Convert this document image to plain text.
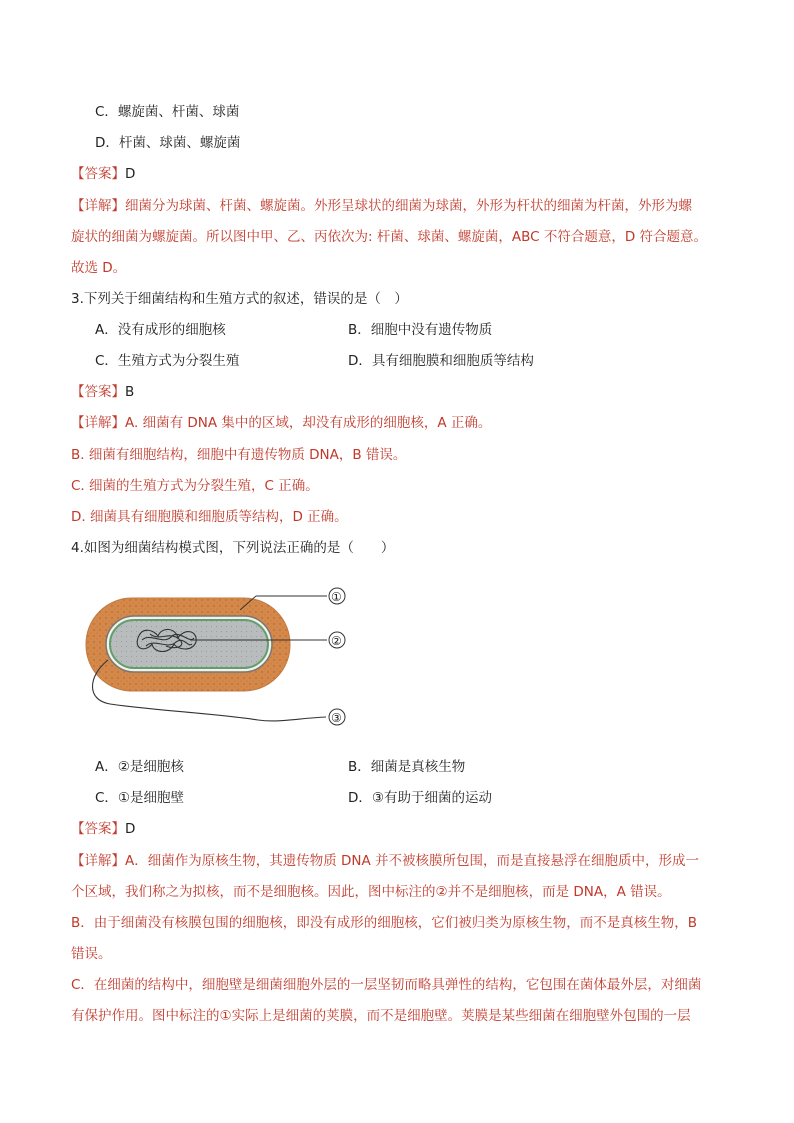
C．螺旋菌、杆菌、球菌
D．杆菌、球菌、螺旋菌
【答案】D
【详解】细菌分为球菌、杆菌、螺旋菌。外形呈球状的细菌为球菌，外形为杆状的细菌为杆菌，外形为螺
旋状的细菌为螺旋菌。所以图中甲、乙、丙依次为: 杆菌、球菌、螺旋菌，ABC 不符合题意，D 符合题意。
故选 D。
3.下列关于细菌结构和生殖方式的叙述，错误的是（　）
A．没有成形的细胞核	B．细胞中没有遗传物质
C．生殖方式为分裂生殖	D．具有细胞膜和细胞质等结构
【答案】B
【详解】A. 细菌有 DNA 集中的区域，却没有成形的细胞核，A 正确。
B. 细菌有细胞结构，细胞中有遗传物质 DNA，B 错误。
C. 细菌的生殖方式为分裂生殖，C 正确。
D. 细菌具有细胞膜和细胞质等结构，D 正确。
4.如图为细菌结构模式图，下列说法正确的是（　　）
①
②
③
A．②是细胞核	B．细菌是真核生物
C．①是细胞壁	D．③有助于细菌的运动
【答案】D
【详解】A．细菌作为原核生物，其遗传物质 DNA 并不被核膜所包围，而是直接悬浮在细胞质中，形成一
个区域，我们称之为拟核，而不是细胞核。因此，图中标注的②并不是细胞核，而是 DNA，A 错误。
B．由于细菌没有核膜包围的细胞核，即没有成形的细胞核，它们被归类为原核生物，而不是真核生物，B
错误。
C．在细菌的结构中，细胞壁是细菌细胞外层的一层坚韧而略具弹性的结构，它包围在菌体最外层，对细菌
有保护作用。图中标注的①实际上是细菌的荚膜，而不是细胞壁。荚膜是某些细菌在细胞壁外包围的一层
